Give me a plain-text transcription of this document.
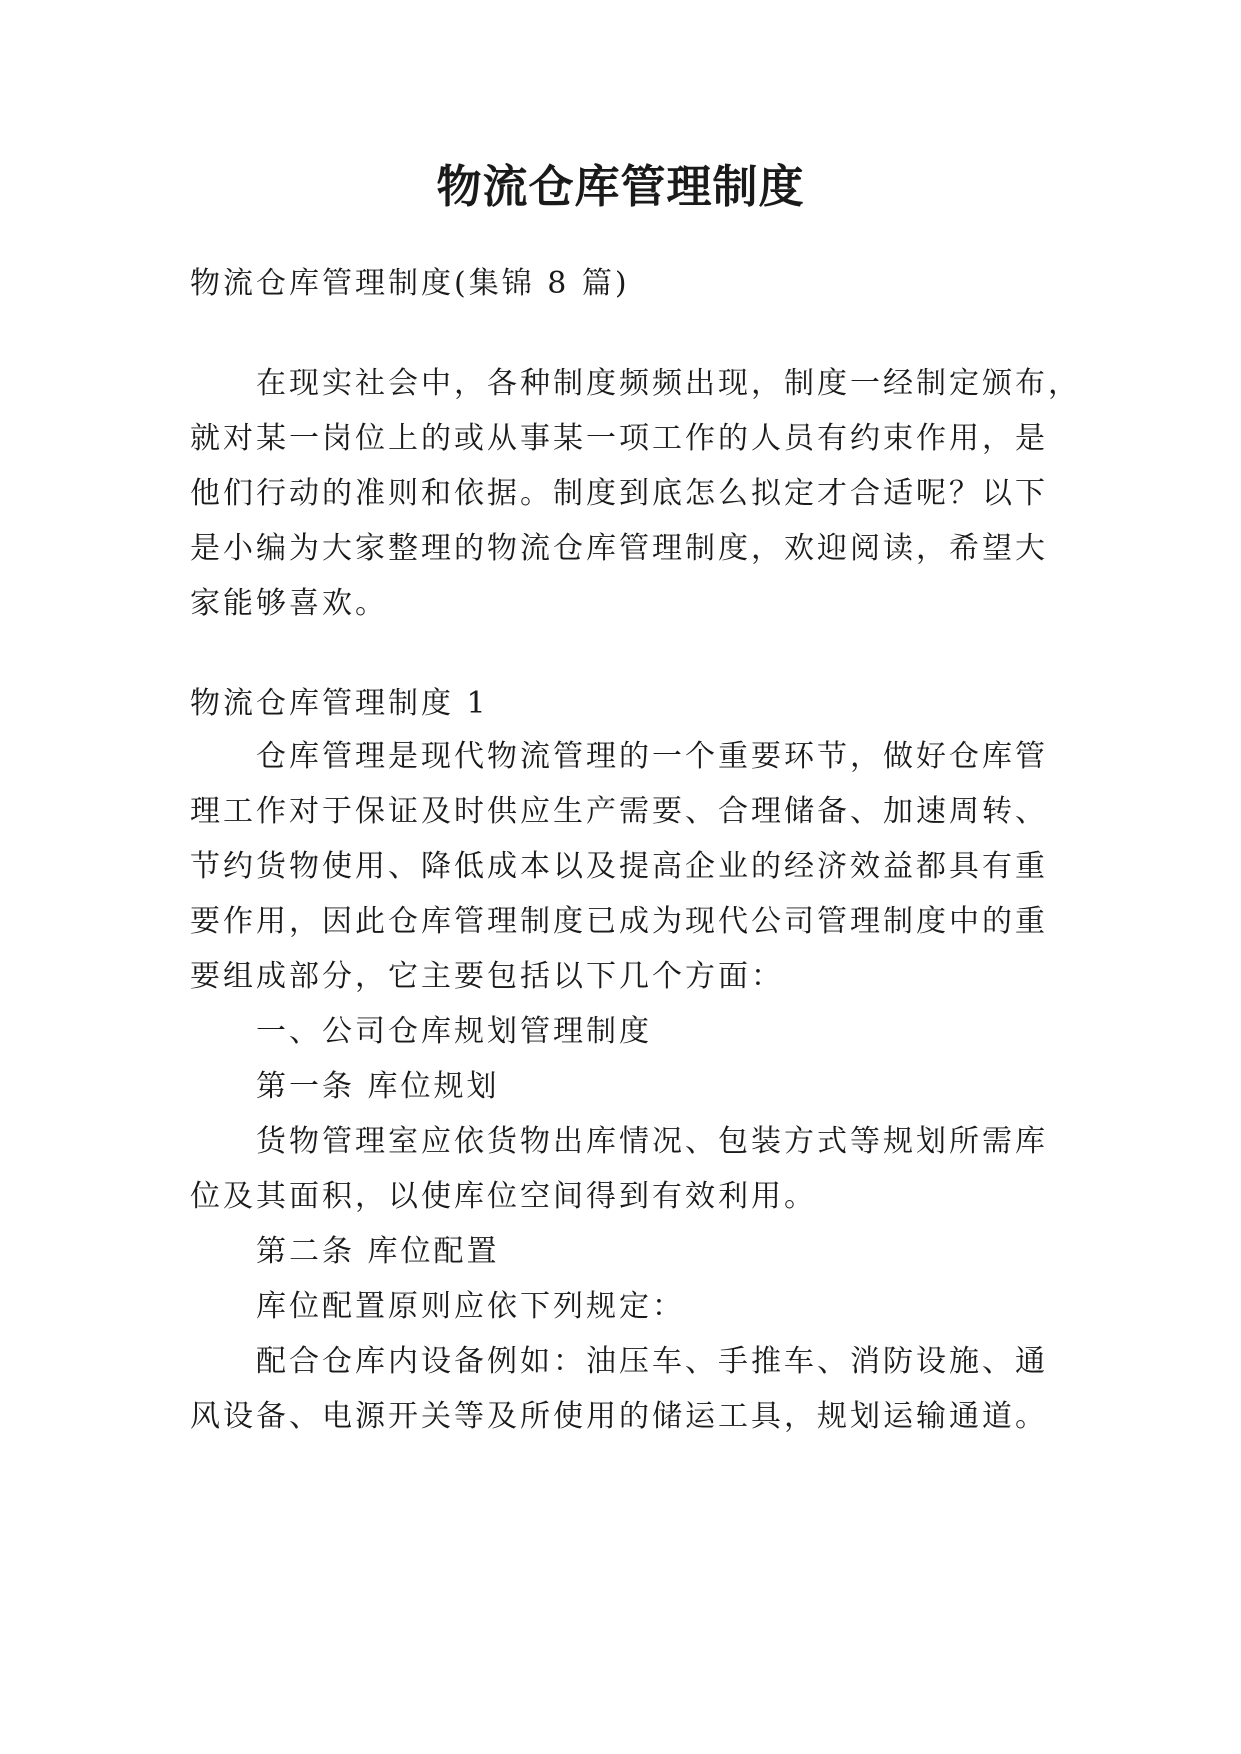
物流仓库管理制度
物流仓库管理制度(集锦 8 篇)
在现实社会中，各种制度频频出现，制度一经制定颁布，
就对某一岗位上的或从事某一项工作的人员有约束作用，是
他们行动的准则和依据。制度到底怎么拟定才合适呢？以下
是小编为大家整理的物流仓库管理制度，欢迎阅读，希望大
家能够喜欢。
物流仓库管理制度 1
仓库管理是现代物流管理的一个重要环节，做好仓库管
理工作对于保证及时供应生产需要、合理储备、加速周转、
节约货物使用、降低成本以及提高企业的经济效益都具有重
要作用，因此仓库管理制度已成为现代公司管理制度中的重
要组成部分，它主要包括以下几个方面：
一、公司仓库规划管理制度
第一条 库位规划
货物管理室应依货物出库情况、包装方式等规划所需库
位及其面积，以使库位空间得到有效利用。
第二条 库位配置
库位配置原则应依下列规定：
配合仓库内设备例如：油压车、手推车、消防设施、通
风设备、电源开关等及所使用的储运工具，规划运输通道。
